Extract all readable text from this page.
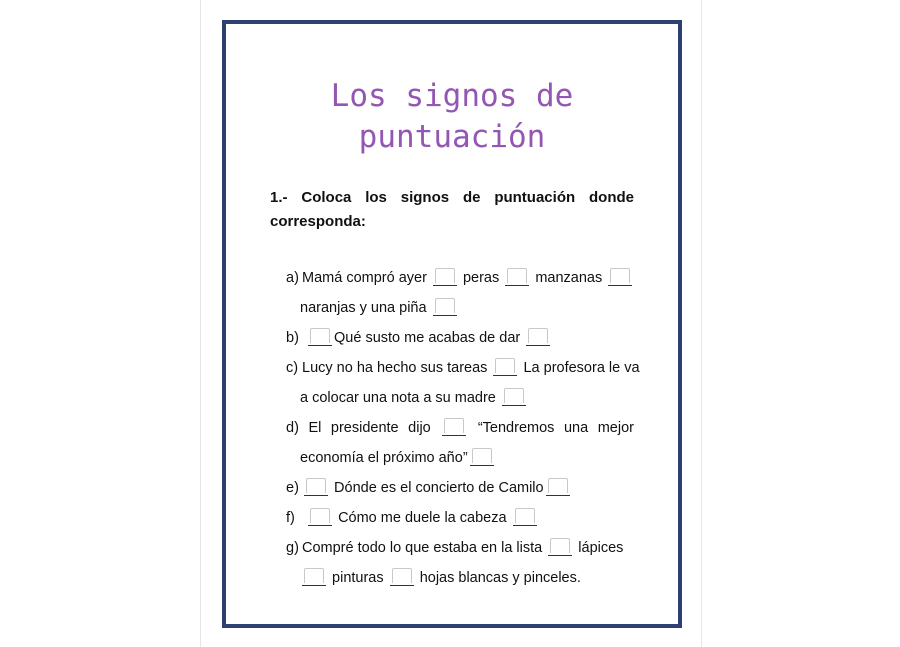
Los signos de
puntuación
1.- Coloca los signos de puntuación donde corresponda:
a) Mamá compró ayer peras manzanas
naranjas y una piña
b) Qué susto me acabas de dar
c) Lucy no ha hecho sus tareas La profesora le va
a colocar una nota a su madre
d) El presidente dijo	“Tendremos una mejor
economía el próximo año”
e) Dónde es el concierto de Camilo
f)	Cómo me duele la cabeza
g) Compré todo lo que estaba en la lista lápices
pinturas hojas blancas y pinceles.
